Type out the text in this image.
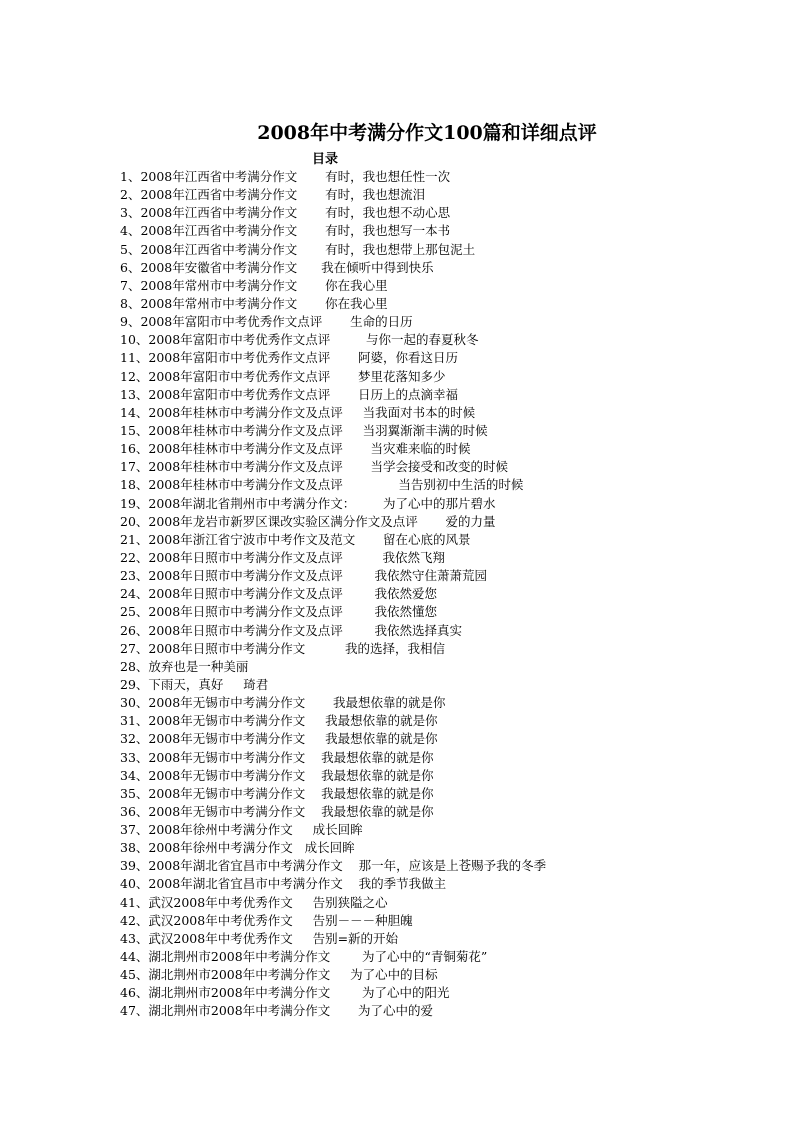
2008年中考满分作文100篇和详细点评
目录
1、2008年江西省中考满分作文       有时，我也想任性一次
2、2008年江西省中考满分作文       有时，我也想流泪
3、2008年江西省中考满分作文       有时，我也想不动心思
4、2008年江西省中考满分作文       有时，我也想写一本书
5、2008年江西省中考满分作文       有时，我也想带上那包泥土
6、2008年安徽省中考满分作文      我在倾听中得到快乐
7、2008年常州市中考满分作文       你在我心里
8、2008年常州市中考满分作文       你在我心里
9、2008年富阳市中考优秀作文点评       生命的日历
10、2008年富阳市中考优秀作文点评         与你一起的春夏秋冬
11、2008年富阳市中考优秀作文点评       阿婆，你看这日历
12、2008年富阳市中考优秀作文点评       梦里花落知多少
13、2008年富阳市中考优秀作文点评       日历上的点滴幸福
14、2008年桂林市中考满分作文及点评     当我面对书本的时候
15、2008年桂林市中考满分作文及点评     当羽翼渐渐丰满的时候
16、2008年桂林市中考满分作文及点评       当灾难来临的时候
17、2008年桂林市中考满分作文及点评       当学会接受和改变的时候
18、2008年桂林市中考满分作文及点评              当告别初中生活的时候
19、2008年湖北省荆州市中考满分作文：       为了心中的那片碧水
20、2008年龙岩市新罗区课改实验区满分作文及点评       爱的力量
21、2008年浙江省宁波市中考作文及范文       留在心底的风景
22、2008年日照市中考满分作文及点评          我依然飞翔
23、2008年日照市中考满分作文及点评        我依然守住萧萧荒园
24、2008年日照市中考满分作文及点评        我依然爱您
25、2008年日照市中考满分作文及点评        我依然懂您
26、2008年日照市中考满分作文及点评        我依然选择真实
27、2008年日照市中考满分作文          我的选择，我相信
28、放弃也是一种美丽
29、下雨天，真好     琦君
30、2008年无锡市中考满分作文       我最想依靠的就是你
31、2008年无锡市中考满分作文     我最想依靠的就是你
32、2008年无锡市中考满分作文     我最想依靠的就是你
33、2008年无锡市中考满分作文    我最想依靠的就是你
34、2008年无锡市中考满分作文    我最想依靠的就是你
35、2008年无锡市中考满分作文    我最想依靠的就是你
36、2008年无锡市中考满分作文    我最想依靠的就是你
37、2008年徐州中考满分作文     成长回眸
38、2008年徐州中考满分作文   成长回眸
39、2008年湖北省宜昌市中考满分作文    那一年，应该是上苍赐予我的冬季
40、2008年湖北省宜昌市中考满分作文    我的季节我做主
41、武汉2008年中考优秀作文     告别狭隘之心
42、武汉2008年中考优秀作文     告别－－－种胆魄
43、武汉2008年中考优秀作文     告别=新的开始
44、湖北荆州市2008年中考满分作文        为了心中的“青铜菊花”
45、湖北荆州市2008年中考满分作文     为了心中的目标
46、湖北荆州市2008年中考满分作文        为了心中的阳光
47、湖北荆州市2008年中考满分作文       为了心中的爱
